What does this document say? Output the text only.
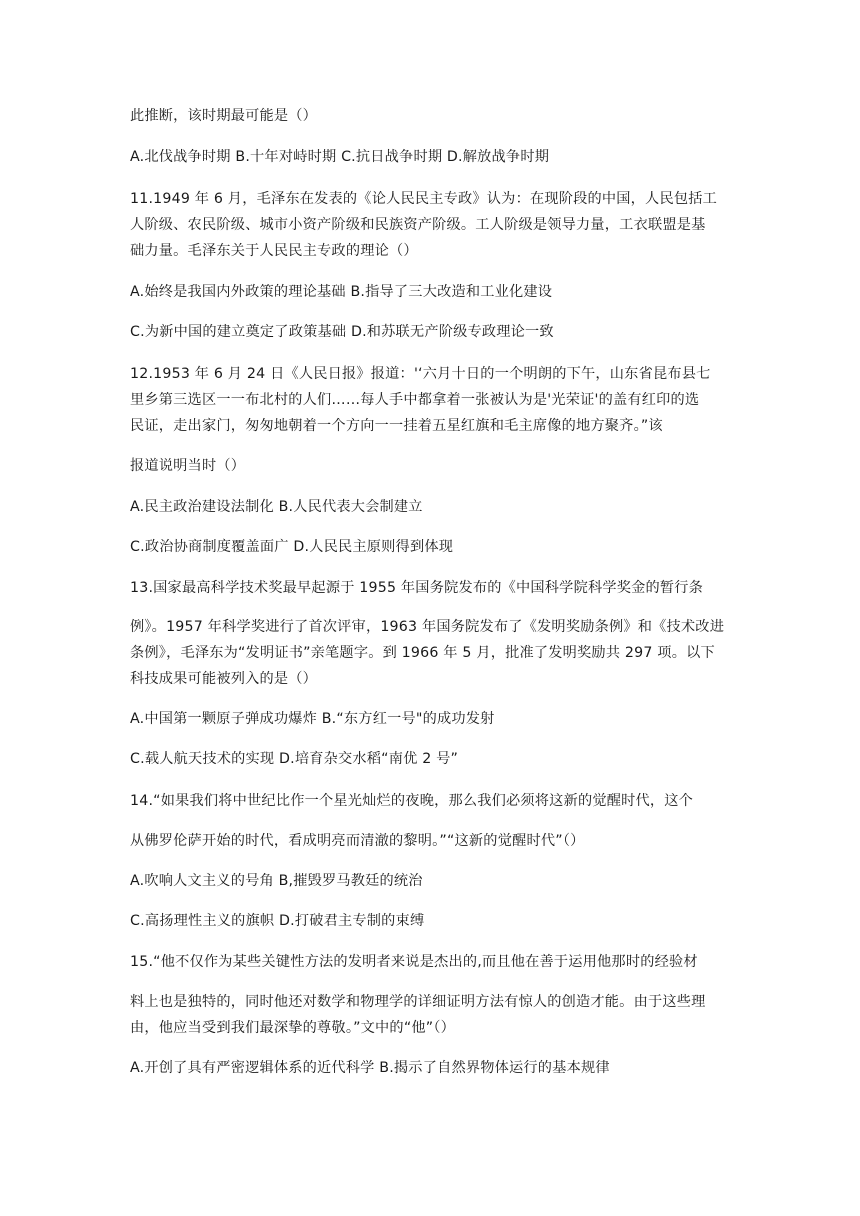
此推断，该时期最可能是（）
A.北伐战争时期 B.十年对峙时期 C.抗日战争时期 D.解放战争时期
11.1949 年 6 月，毛泽东在发表的《论人民民主专政》认为：在现阶段的中国，人民包括工
人阶级、农民阶级、城市小资产阶级和民族资产阶级。工人阶级是领导力量，工衣联盟是基
础力量。毛泽东关于人民民主专政的理论（）
A.始终是我国内外政策的理论基础 B.指导了三大改造和工业化建设
C.为新中国的建立奠定了政策基础 D.和苏联无产阶级专政理论一致
12.1953 年 6 月 24 日《人民日报》报道：'‘六月十日的一个明朗的下午，山东省昆布县七
里乡第三选区一一布北村的人们……每人手中都拿着一张被认为是'光荣证'的盖有红印的选
民证，走出家门，匆匆地朝着一个方向一一挂着五星红旗和毛主席像的地方聚齐。”该
报道说明当时（）
A.民主政治建设法制化 B.人民代表大会制建立
C.政治协商制度覆盖面广 D.人民民主原则得到体现
13.国家最高科学技术奖最早起源于 1955 年国务院发布的《中国科学院科学奖金的暂行条
例》。1957 年科学奖进行了首次评审，1963 年国务院发布了《发明奖励条例》和《技术改进
条例》，毛泽东为“发明证书”亲笔题字。到 1966 年 5 月，批准了发明奖励共 297 项。以下
科技成果可能被列入的是（）
A.中国第一颗原子弹成功爆炸 B.“东方红一号"的成功发射
C.载人航天技术的实现 D.培育杂交水稻“南优 2 号”
14.“如果我们将中世纪比作一个星光灿烂的夜晚，那么我们必须将这新的觉醒时代，这个
从佛罗伦萨开始的时代，看成明亮而清澈的黎明。”“这新的觉醒时代”（）
A.吹响人文主义的号角 B,摧毁罗马教廷的统治
C.高扬理性主义的旗帜 D.打破君主专制的束缚
15.“他不仅作为某些关键性方法的发明者来说是杰出的,而且他在善于运用他那时的经验材
料上也是独特的，同时他还对数学和物理学的详细证明方法有惊人的创造才能。由于这些理
由，他应当受到我们最深挚的尊敬。”文中的“他”（）
A.开创了具有严密逻辑体系的近代科学 B.揭示了自然界物体运行的基本规律
